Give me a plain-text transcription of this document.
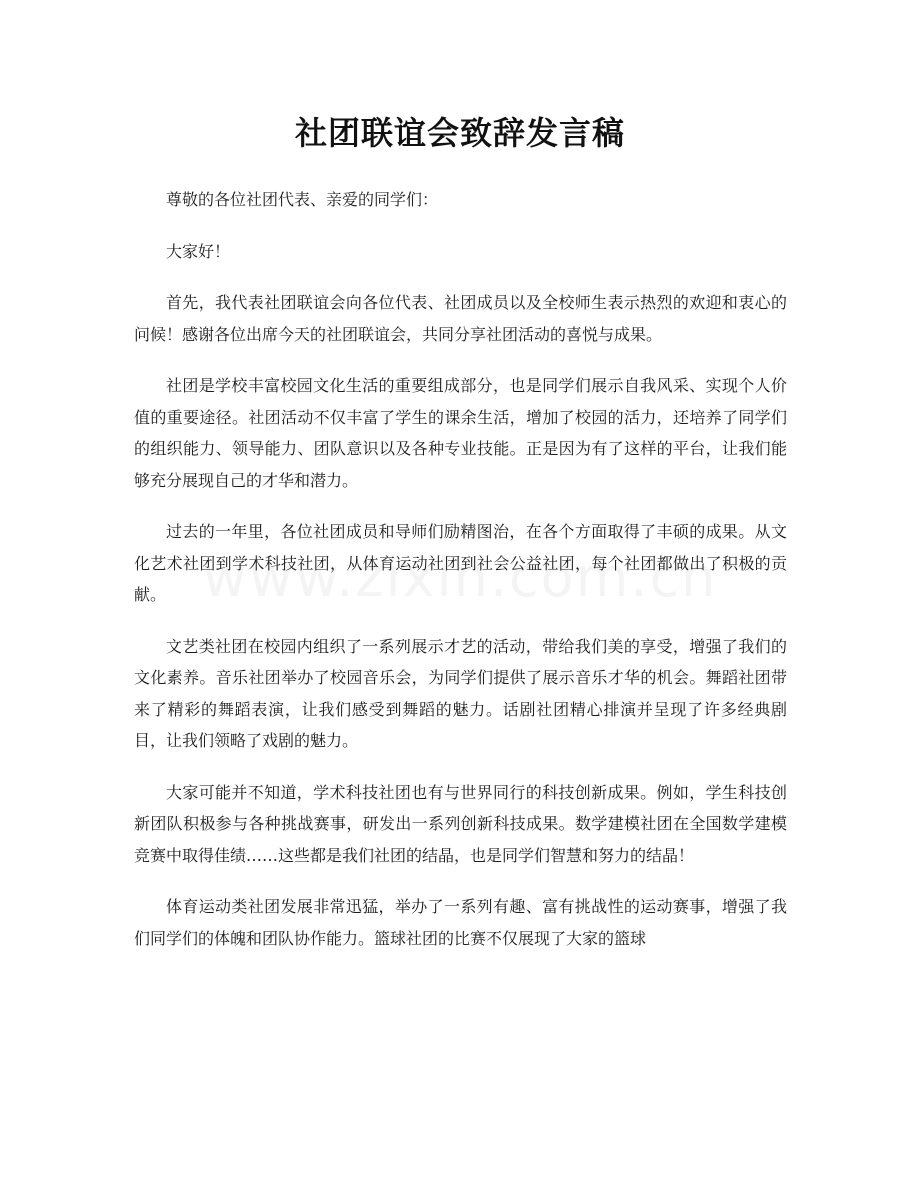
社团联谊会致辞发言稿

尊敬的各位社团代表、亲爱的同学们：

大家好！

首先，我代表社团联谊会向各位代表、社团成员以及全校师生表示热烈的欢迎和衷心的问候！感谢各位出席今天的社团联谊会，共同分享社团活动的喜悦与成果。

社团是学校丰富校园文化生活的重要组成部分，也是同学们展示自我风采、实现个人价值的重要途径。社团活动不仅丰富了学生的课余生活，增加了校园的活力，还培养了同学们的组织能力、领导能力、团队意识以及各种专业技能。正是因为有了这样的平台，让我们能够充分展现自己的才华和潜力。

过去的一年里，各位社团成员和导师们励精图治，在各个方面取得了丰硕的成果。从文化艺术社团到学术科技社团，从体育运动社团到社会公益社团，每个社团都做出了积极的贡献。

文艺类社团在校园内组织了一系列展示才艺的活动，带给我们美的享受，增强了我们的文化素养。音乐社团举办了校园音乐会，为同学们提供了展示音乐才华的机会。舞蹈社团带来了精彩的舞蹈表演，让我们感受到舞蹈的魅力。话剧社团精心排演并呈现了许多经典剧目，让我们领略了戏剧的魅力。

大家可能并不知道，学术科技社团也有与世界同行的科技创新成果。例如，学生科技创新团队积极参与各种挑战赛事，研发出一系列创新科技成果。数学建模社团在全国数学建模竞赛中取得佳绩……这些都是我们社团的结晶，也是同学们智慧和努力的结晶！

体育运动类社团发展非常迅猛，举办了一系列有趣、富有挑战性的运动赛事，增强了我们同学们的体魄和团队协作能力。篮球社团的比赛不仅展现了大家的篮球
